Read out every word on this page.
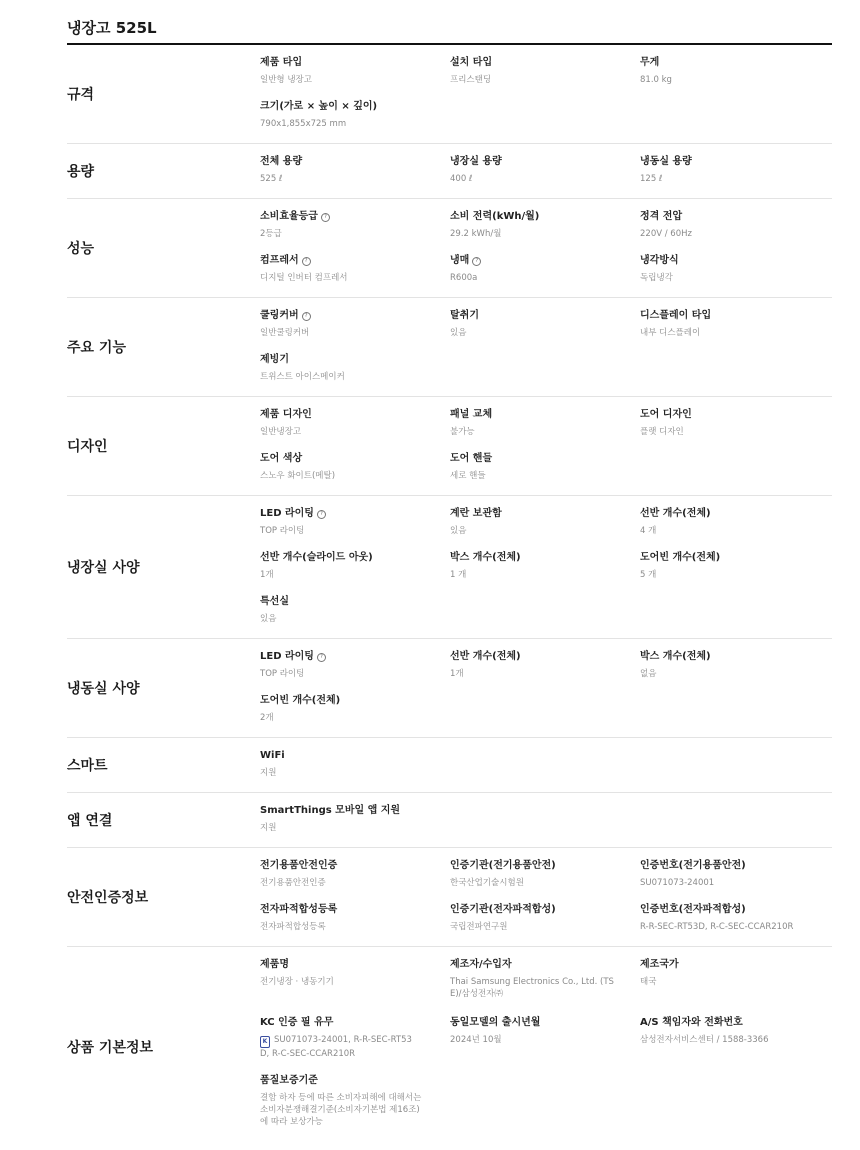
냉장고 525L
규격
제품 타입
일반형 냉장고
설치 타입
프리스탠딩
무게
81.0 kg
크기(가로 × 높이 × 깊이)
790x1,855x725 mm
용량
전체 용량
525 ℓ
냉장실 용량
400 ℓ
냉동실 용량
125 ℓ
성능
소비효율등급 ?
2등급
소비 전력(kWh/월)
29.2 kWh/월
정격 전압
220V / 60Hz
컴프레서 ?
디지털 인버터 컴프레서
냉매 ?
R600a
냉각방식
독립냉각
주요 기능
쿨링커버 ?
일반쿨링커버
탈취기
있음
디스플레이 타입
내부 디스플레이
제빙기
트위스트 아이스메이커
디자인
제품 디자인
일반냉장고
패널 교체
불가능
도어 디자인
플랫 디자인
도어 색상
스노우 화이트(메탈)
도어 핸들
세로 핸들
냉장실 사양
LED 라이팅 ?
TOP 라이팅
계란 보관함
있음
선반 개수(전체)
4 개
선반 개수(슬라이드 아웃)
1개
박스 개수(전체)
1 개
도어빈 개수(전체)
5 개
특선실
있음
냉동실 사양
LED 라이팅 ?
TOP 라이팅
선반 개수(전체)
1개
박스 개수(전체)
없음
도어빈 개수(전체)
2개
스마트
WiFi
지원
앱 연결
SmartThings 모바일 앱 지원
지원
안전인증정보
전기용품안전인증
전기용품안전인증
인증기관(전기용품안전)
한국산업기술시험원
인증번호(전기용품안전)
SU071073-24001
전자파적합성등록
전자파적합성등록
인증기관(전자파적합성)
국립전파연구원
인증번호(전자파적합성)
R-R-SEC-RT53D, R-C-SEC-CCAR210R
상품 기본정보
제품명
전기냉장 · 냉동기기
제조자/수입자
Thai Samsung Electronics Co., Ltd. (TS
E)/삼성전자㈜
제조국가
태국
KC 인증 필 유무
K SU071073-24001, R-R-SEC-RT53
D, R-C-SEC-CCAR210R
동일모델의 출시년월
2024년 10월
A/S 책임자와 전화번호
삼성전자서비스센터 / 1588-3366
품질보증기준
결함 하자 등에 따른 소비자피해에 대해서는
소비자분쟁해결기준(소비자기본법 제16조)
에 따라 보상가능
